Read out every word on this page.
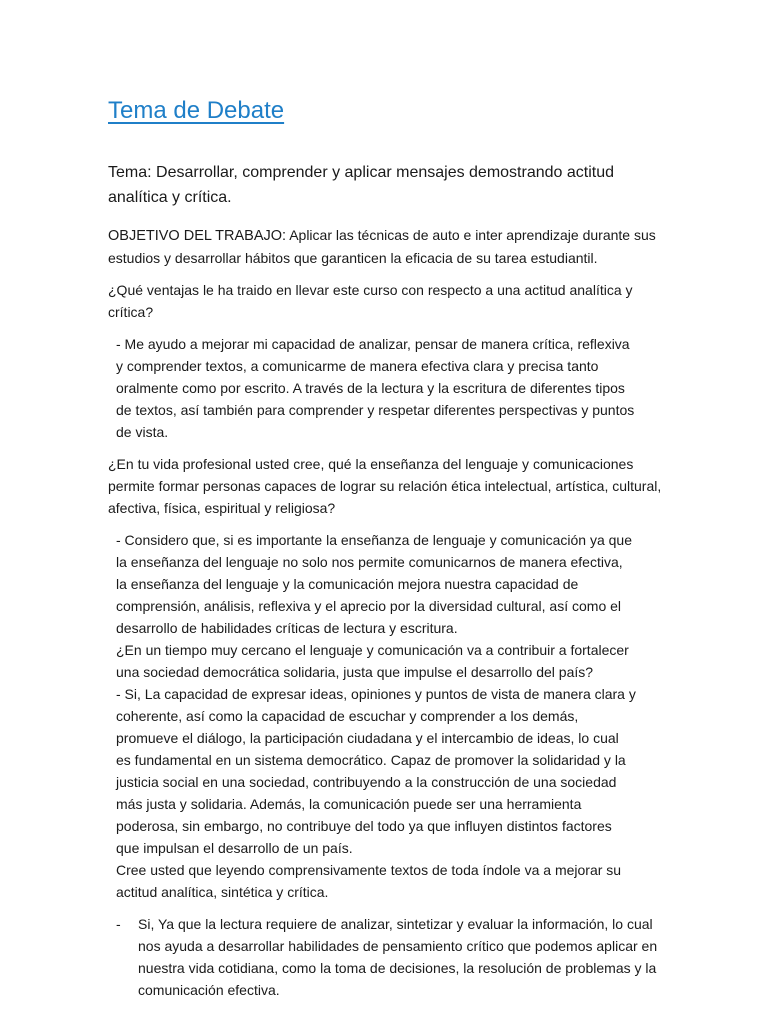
Tema de Debate

Tema: Desarrollar, comprender y aplicar mensajes demostrando actitud analítica y crítica.

OBJETIVO DEL TRABAJO: Aplicar las técnicas de auto e inter aprendizaje durante sus estudios y desarrollar hábitos que garanticen la eficacia de su tarea estudiantil.

¿Qué ventajas le ha traido en llevar este curso con respecto a una actitud analítica y crítica?

- Me ayudo a mejorar mi capacidad de analizar, pensar de manera crítica, reflexiva y comprender textos, a comunicarme de manera efectiva clara y precisa tanto oralmente como por escrito. A través de la lectura y la escritura de diferentes tipos de textos, así también para comprender y respetar diferentes perspectivas y puntos de vista.

¿En tu vida profesional usted cree, qué la enseñanza del lenguaje y comunicaciones permite formar personas capaces de lograr su relación ética intelectual, artística, cultural, afectiva, física, espiritual y religiosa?

- Considero que, si es importante la enseñanza de lenguaje y comunicación ya que la enseñanza del lenguaje no solo nos permite comunicarnos de manera efectiva, la enseñanza del lenguaje y la comunicación mejora nuestra capacidad de comprensión, análisis, reflexiva y el aprecio por la diversidad cultural, así como el desarrollo de habilidades críticas de lectura y escritura.

¿En un tiempo muy cercano el lenguaje y comunicación va a contribuir a fortalecer una sociedad democrática solidaria, justa que impulse el desarrollo del país?

- Si, La capacidad de expresar ideas, opiniones y puntos de vista de manera clara y coherente, así como la capacidad de escuchar y comprender a los demás, promueve el diálogo, la participación ciudadana y el intercambio de ideas, lo cual es fundamental en un sistema democrático. Capaz de promover la solidaridad y la justicia social en una sociedad, contribuyendo a la construcción de una sociedad más justa y solidaria. Además, la comunicación puede ser una herramienta poderosa, sin embargo, no contribuye del todo ya que influyen distintos factores que impulsan el desarrollo de un país.

Cree usted que leyendo comprensivamente textos de toda índole va a mejorar su actitud analítica, sintética y crítica.

-	Si, Ya que la lectura requiere de analizar, sintetizar y evaluar la información, lo cual nos ayuda a desarrollar habilidades de pensamiento crítico que podemos aplicar en nuestra vida cotidiana, como la toma de decisiones, la resolución de problemas y la comunicación efectiva.
